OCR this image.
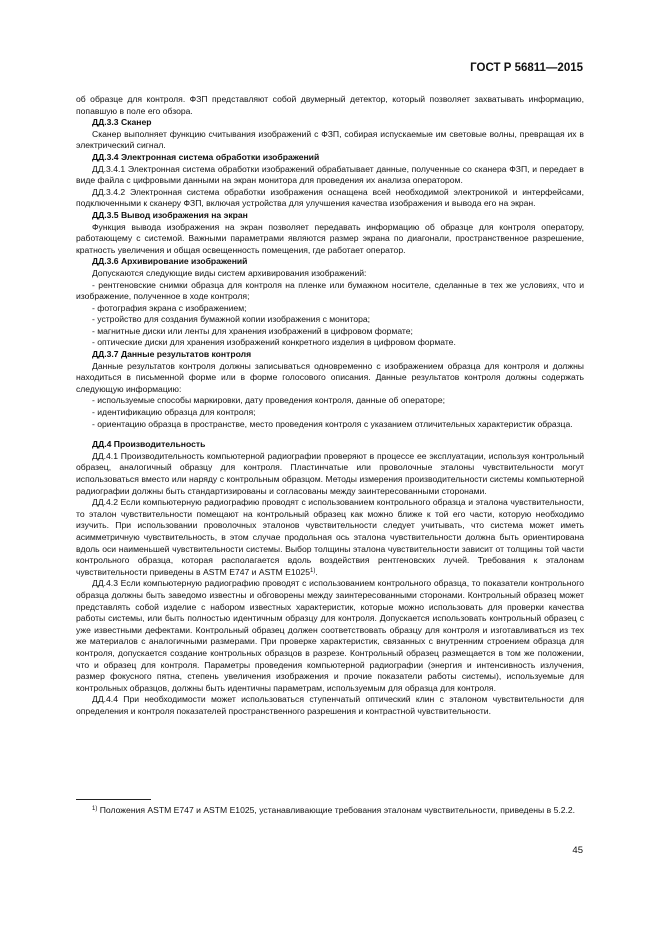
ГОСТ Р 56811—2015

об образце для контроля. ФЗП представляют собой двумерный детектор, который позволяет захватывать информацию, попавшую в поле его обзора.

ДД.3.3 Сканер

Сканер выполняет функцию считывания изображений с ФЗП, собирая испускаемые им световые волны, превращая их в электрический сигнал.

ДД.3.4 Электронная система обработки изображений

ДД.3.4.1 Электронная система обработки изображений обрабатывает данные, полученные со сканера ФЗП, и передает в виде файла с цифровыми данными на экран монитора для проведения их анализа оператором.

ДД.3.4.2 Электронная система обработки изображения оснащена всей необходимой электроникой и интерфейсами, подключенными к сканеру ФЗП, включая устройства для улучшения качества изображения и вывода его на экран.

ДД.3.5 Вывод изображения на экран

Функция вывода изображения на экран позволяет передавать информацию об образце для контроля оператору, работающему с системой. Важными параметрами являются размер экрана по диагонали, пространственное разрешение, кратность увеличения и общая освещенность помещения, где работает оператор.

ДД.3.6 Архивирование изображений

Допускаются следующие виды систем архивирования изображений:

- рентгеновские снимки образца для контроля на пленке или бумажном носителе, сделанные в тех же условиях, что и изображение, полученное в ходе контроля;

- фотография экрана с изображением;

- устройство для создания бумажной копии изображения с монитора;

- магнитные диски или ленты для хранения изображений в цифровом формате;

- оптические диски для хранения изображений конкретного изделия в цифровом формате.

ДД.3.7 Данные результатов контроля

Данные результатов контроля должны записываться одновременно с изображением образца для контроля и должны находиться в письменной форме или в форме голосового описания. Данные результатов контроля должны содержать следующую информацию:

- используемые способы маркировки, дату проведения контроля, данные об операторе;

- идентификацию образца для контроля;

- ориентацию образца в пространстве, место проведения контроля с указанием отличительных характеристик образца.

ДД.4 Производительность

ДД.4.1 Производительность компьютерной радиографии проверяют в процессе ее эксплуатации, используя контрольный образец, аналогичный образцу для контроля. Пластинчатые или проволочные эталоны чувствительности могут использоваться вместо или наряду с контрольным образцом. Методы измерения производительности системы компьютерной радиографии должны быть стандартизированы и согласованы между заинтересованными сторонами.

ДД.4.2 Если компьютерную радиографию проводят с использованием контрольного образца и эталона чувствительности, то эталон чувствительности помещают на контрольный образец как можно ближе к той его части, которую необходимо изучить. При использовании проволочных эталонов чувствительности следует учитывать, что система может иметь асимметричную чувствительность, в этом случае продольная ось эталона чувствительности должна быть ориентирована вдоль оси наименьшей чувствительности системы. Выбор толщины эталона чувствительности зависит от толщины той части контрольного образца, которая располагается вдоль воздействия рентгеновских лучей. Требования к эталонам чувствительности приведены в ASTM E747 и ASTM E1025$^{1)}$.

ДД.4.3 Если компьютерную радиографию проводят с использованием контрольного образца, то показатели контрольного образца должны быть заведомо известны и обговорены между заинтересованными сторонами. Контрольный образец может представлять собой изделие с набором известных характеристик, которые можно использовать для проверки качества работы системы, или быть полностью идентичным образцу для контроля. Допускается использовать контрольный образец с уже известными дефектами. Контрольный образец должен соответствовать образцу для контроля и изготавливаться из тех же материалов с аналогичными размерами. При проверке характеристик, связанных с внутренним строением образца для контроля, допускается создание контрольных образцов в разрезе. Контрольный образец размещается в том же положении, что и образец для контроля. Параметры проведения компьютерной радиографии (энергия и интенсивность излучения, размер фокусного пятна, степень увеличения изображения и прочие показатели работы системы), используемые для контрольных образцов, должны быть идентичны параметрам, используемым для образца для контроля.

ДД.4.4 При необходимости может использоваться ступенчатый оптический клин с эталоном чувствительности для определения и контроля показателей пространственного разрешения и контрастной чувствительности.

$^{1)}$ Положения ASTM E747 и ASTM E1025, устанавливающие требования эталонам чувствительности, приведены в 5.2.2.
45
